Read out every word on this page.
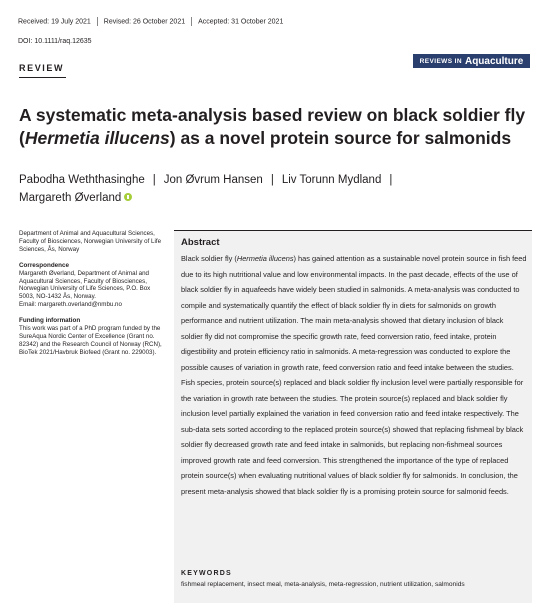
Received: 19 July 2021 Revised: 26 October 2021 Accepted: 31 October 2021
DOI: 10.1111/raq.12635
REVIEW
REVIEWS IN Aquaculture
A systematic meta-analysis based review on black soldier fly (Hermetia illucens) as a novel protein source for salmonids
Pabodha Weththasinghe | Jon Øvrum Hansen | Liv Torunn Mydland |
Margareth Øverland
Department of Animal and Aquacultural Sciences, Faculty of Biosciences, Norwegian University of Life Sciences, Ås, Norway
Correspondence
Margareth Øverland, Department of Animal and Aquacultural Sciences, Faculty of Biosciences, Norwegian University of Life Sciences, P.O. Box 5003, NO-1432 Ås, Norway.
Email: margareth.overland@nmbu.no
Funding information
This work was part of a PhD program funded by the SureAqua Nordic Center of Excellence (Grant no. 82342) and the Research Council of Norway (RCN), BioTek 2021/Havbruk Biofeed (Grant no. 229003).
Abstract

Black soldier fly (Hermetia illucens) has gained attention as a sustainable novel protein source in fish feed due to its high nutritional value and low environmental impacts. In the past decade, effects of the use of black soldier fly in aquafeeds have widely been studied in salmonids. A meta-analysis was conducted to compile and systematically quantify the effect of black soldier fly in diets for salmonids on growth performance and nutrient utilization. The main meta-analysis showed that dietary inclusion of black soldier fly did not compromise the specific growth rate, feed conversion ratio, feed intake, protein digestibility and protein efficiency ratio in salmonids. A meta-regression was conducted to explore the possible causes of variation in growth rate, feed conversion ratio and feed intake between the studies. Fish species, protein source(s) replaced and black soldier fly inclusion level were partially responsible for the variation in growth rate between the studies. The protein source(s) replaced and black soldier fly inclusion level partially explained the variation in feed conversion ratio and feed intake respectively. The sub-data sets sorted according to the replaced protein source(s) showed that replacing fishmeal by black soldier fly decreased growth rate and feed intake in salmonids, but replacing non-fishmeal sources improved growth rate and feed conversion. This strengthened the importance of the type of replaced protein source(s) when evaluating nutritional values of black soldier fly for salmonids. In conclusion, the present meta-analysis showed that black soldier fly is a promising protein source for salmonid feeds.

KEYWORDS
fishmeal replacement, insect meal, meta-analysis, meta-regression, nutrient utilization, salmonids
